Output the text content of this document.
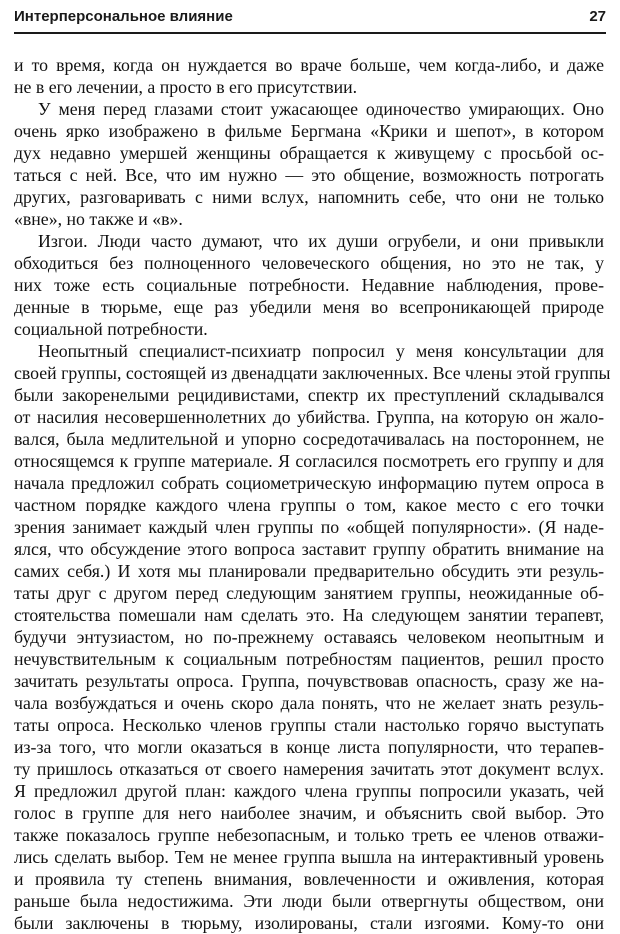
Интерперсональное влияние	27
и то время, когда он нуждается во враче больше, чем когда-либо, и даже
не в его лечении, а просто в его присутствии.
У меня перед глазами стоит ужасающее одиночество умирающих. Оно
очень ярко изображено в фильме Бергмана «Крики и шепот», в котором
дух недавно умершей женщины обращается к живущему с просьбой ос-
таться с ней. Все, что им нужно — это общение, возможность потрогать
других, разговаривать с ними вслух, напомнить себе, что они не только
«вне», но также и «в».
Изгои. Люди часто думают, что их души огрубели, и они привыкли
обходиться без полноценного человеческого общения, но это не так, у
них тоже есть социальные потребности. Недавние наблюдения, прове-
денные в тюрьме, еще раз убедили меня во всепроникающей природе
социальной потребности.
Неопытный специалист-психиатр попросил у меня консультации для
своей группы, состоящей из двенадцати заключенных. Все члены этой группы
были закоренелыми рецидивистами, спектр их преступлений складывался
от насилия несовершеннолетних до убийства. Группа, на которую он жало-
вался, была медлительной и упорно сосредотачивалась на постороннем, не
относящемся к группе материале. Я согласился посмотреть его группу и для
начала предложил собрать социометрическую информацию путем опроса в
частном порядке каждого члена группы о том, какое место с его точки
зрения занимает каждый член группы по «общей популярности». (Я наде-
ялся, что обсуждение этого вопроса заставит группу обратить внимание на
самих себя.) И хотя мы планировали предварительно обсудить эти резуль-
таты друг с другом перед следующим занятием группы, неожиданные об-
стоятельства помешали нам сделать это. На следующем занятии терапевт,
будучи энтузиастом, но по-прежнему оставаясь человеком неопытным и
нечувствительным к социальным потребностям пациентов, решил просто
зачитать результаты опроса. Группа, почувствовав опасность, сразу же на-
чала возбуждаться и очень скоро дала понять, что не желает знать резуль-
таты опроса. Несколько членов группы стали настолько горячо выступать
из-за того, что могли оказаться в конце листа популярности, что терапев-
ту пришлось отказаться от своего намерения зачитать этот документ вслух.
Я предложил другой план: каждого члена группы попросили указать, чей
голос в группе для него наиболее значим, и объяснить свой выбор. Это
также показалось группе небезопасным, и только треть ее членов отважи-
лись сделать выбор. Тем не менее группа вышла на интерактивный уровень
и проявила ту степень внимания, вовлеченности и оживления, которая
раньше была недостижима. Эти люди были отвергнуты обществом, они
были заключены в тюрьму, изолированы, стали изгоями. Кому-то они
